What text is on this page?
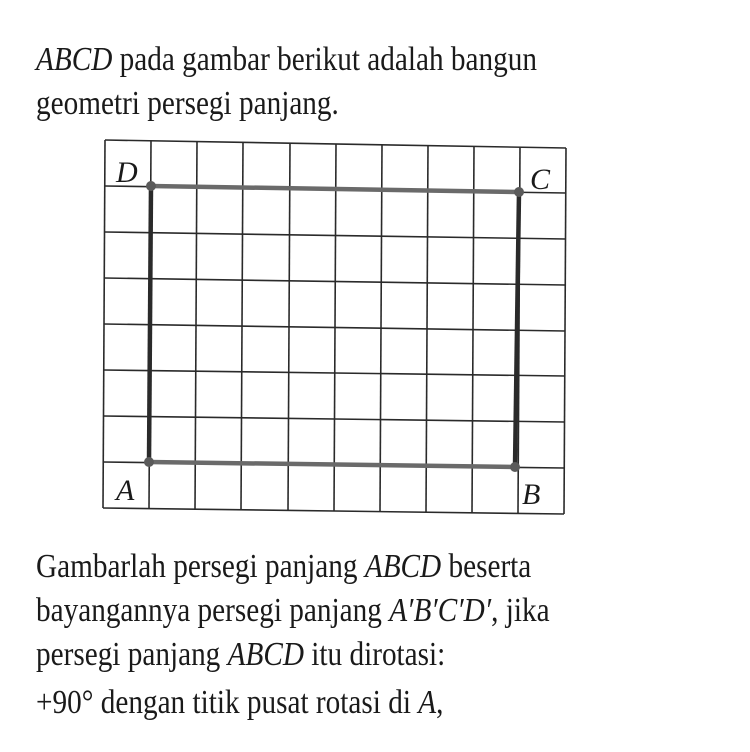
ABCD pada gambar berikut adalah bangun
geometri persegi panjang.
D	C
A	B
Gambarlah persegi panjang ABCD beserta
bayangannya persegi panjang A′B′C′D′, jika
persegi panjang ABCD itu dirotasi:
+90° dengan titik pusat rotasi di A,
